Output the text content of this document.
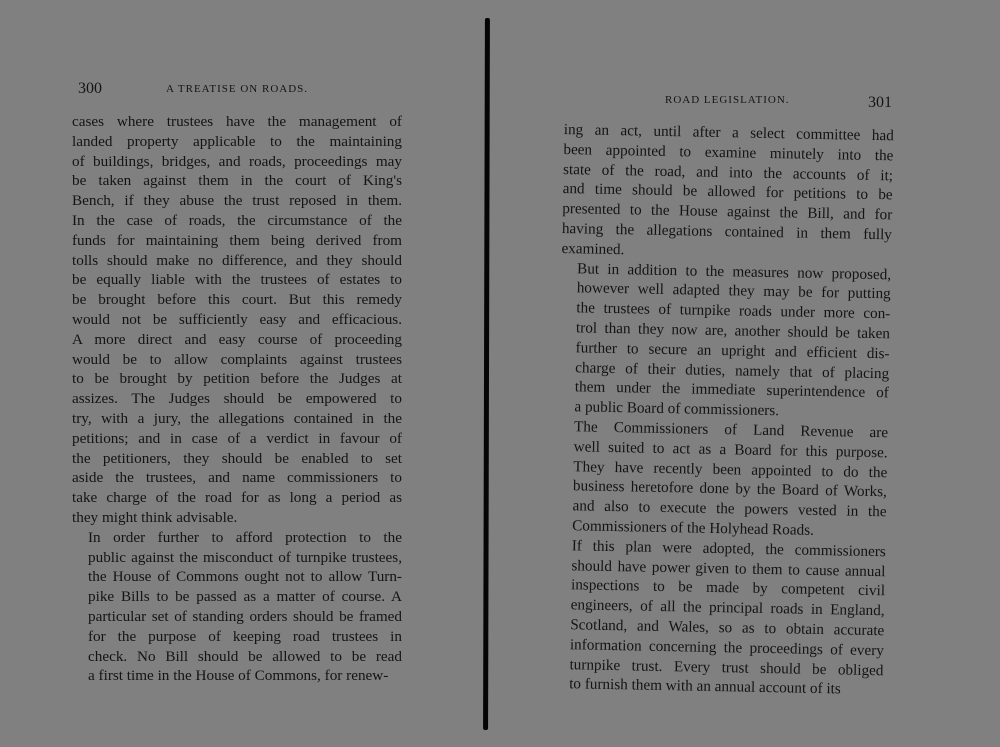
300	A TREATISE ON ROADS.

cases where trustees have the management of
landed property applicable to the maintaining
of buildings, bridges, and roads, proceedings may
be taken against them in the court of King's
Bench, if they abuse the trust reposed in them.
In the case of roads, the circumstance of the
funds for maintaining them being derived from
tolls should make no difference, and they should
be equally liable with the trustees of estates to
be brought before this court. But this remedy
would not be sufficiently easy and efficacious.
A more direct and easy course of proceeding
would be to allow complaints against trustees
to be brought by petition before the Judges at
assizes. The Judges should be empowered to
try, with a jury, the allegations contained in the
petitions; and in case of a verdict in favour of
the petitioners, they should be enabled to set
aside the trustees, and name commissioners to
take charge of the road for as long a period as
they might think advisable.

In order further to afford protection to the
public against the misconduct of turnpike trustees,
the House of Commons ought not to allow Turn-
pike Bills to be passed as a matter of course. A
particular set of standing orders should be framed
for the purpose of keeping road trustees in
check. No Bill should be allowed to be read
a first time in the House of Commons, for renew-

ROAD LEGISLATION.	301

ing an act, until after a select committee had
been appointed to examine minutely into the
state of the road, and into the accounts of it;
and time should be allowed for petitions to be
presented to the House against the Bill, and for
having the allegations contained in them fully
examined.

But in addition to the measures now proposed,
however well adapted they may be for putting
the trustees of turnpike roads under more con-
trol than they now are, another should be taken
further to secure an upright and efficient dis-
charge of their duties, namely that of placing
them under the immediate superintendence of
a public Board of commissioners.

The Commissioners of Land Revenue are
well suited to act as a Board for this purpose.
They have recently been appointed to do the
business heretofore done by the Board of Works,
and also to execute the powers vested in the
Commissioners of the Holyhead Roads.

If this plan were adopted, the commissioners
should have power given to them to cause annual
inspections to be made by competent civil
engineers, of all the principal roads in England,
Scotland, and Wales, so as to obtain accurate
information concerning the proceedings of every
turnpike trust. Every trust should be obliged
to furnish them with an annual account of its
